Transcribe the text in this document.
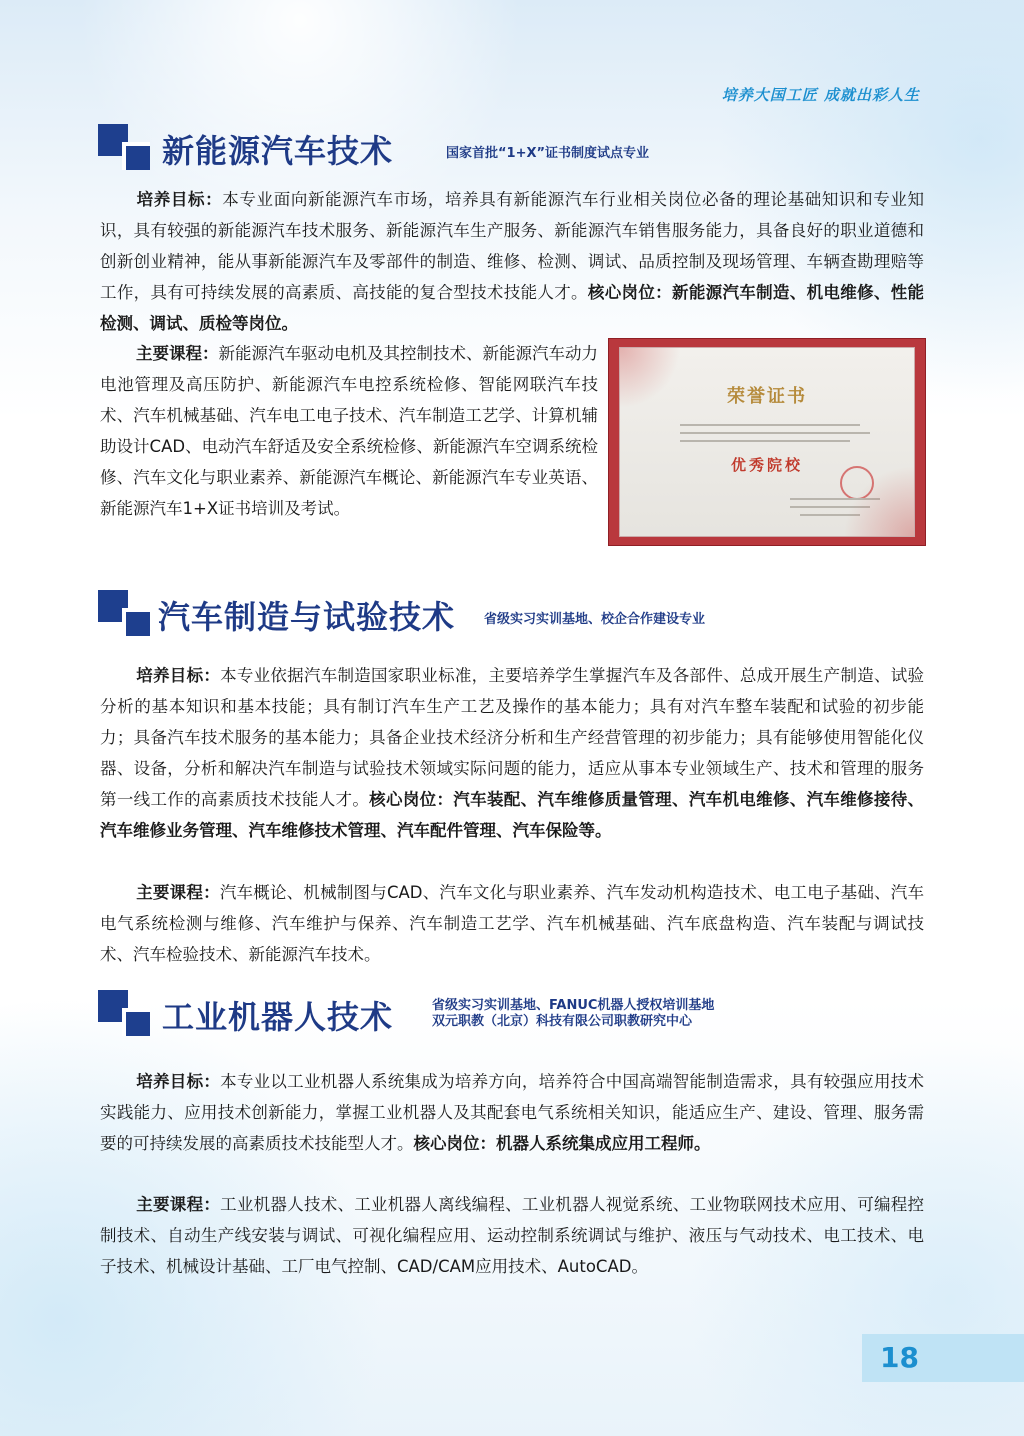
培养大国工匠 成就出彩人生
新能源汽车技术	国家首批“1+X”证书制度试点专业

培养目标：本专业面向新能源汽车市场，培养具有新能源汽车行业相关岗位必备的理论基础知识和专业知识，具有较强的新能源汽车技术服务、新能源汽车生产服务、新能源汽车销售服务能力，具备良好的职业道德和创新创业精神，能从事新能源汽车及零部件的制造、维修、检测、调试、品质控制及现场管理、车辆查勘理赔等工作，具有可持续发展的高素质、高技能的复合型技术技能人才。核心岗位：新能源汽车制造、机电维修、性能检测、调试、质检等岗位。

主要课程：新能源汽车驱动电机及其控制技术、新能源汽车动力电池管理及高压防护、新能源汽车电控系统检修、智能网联汽车技术、汽车机械基础、汽车电工电子技术、汽车制造工艺学、计算机辅助设计CAD、电动汽车舒适及安全系统检修、新能源汽车空调系统检修、汽车文化与职业素养、新能源汽车概论、新能源汽车专业英语、新能源汽车1+X证书培训及考试。

荣誉证书
优秀院校
汽车制造与试验技术 省级实习实训基地、校企合作建设专业

培养目标：本专业依据汽车制造国家职业标准，主要培养学生掌握汽车及各部件、总成开展生产制造、试验分析的基本知识和基本技能；具有制订汽车生产工艺及操作的基本能力；具有对汽车整车装配和试验的初步能力；具备汽车技术服务的基本能力；具备企业技术经济分析和生产经营管理的初步能力；具有能够使用智能化仪器、设备，分析和解决汽车制造与试验技术领域实际问题的能力，适应从事本专业领域生产、技术和管理的服务第一线工作的高素质技术技能人才。核心岗位：汽车装配、汽车维修质量管理、汽车机电维修、汽车维修接待、汽车维修业务管理、汽车维修技术管理、汽车配件管理、汽车保险等。

主要课程：汽车概论、机械制图与CAD、汽车文化与职业素养、汽车发动机构造技术、电工电子基础、汽车电气系统检测与维修、汽车维护与保养、汽车制造工艺学、汽车机械基础、汽车底盘构造、汽车装配与调试技术、汽车检验技术、新能源汽车技术。

工业机器人技术	省级实习实训基地、FANUC机器人授权培训基地
双元职教（北京）科技有限公司职教研究中心

培养目标：本专业以工业机器人系统集成为培养方向，培养符合中国高端智能制造需求，具有较强应用技术实践能力、应用技术创新能力，掌握工业机器人及其配套电气系统相关知识，能适应生产、建设、管理、服务需要的可持续发展的高素质技术技能型人才。核心岗位：机器人系统集成应用工程师。

主要课程：工业机器人技术、工业机器人离线编程、工业机器人视觉系统、工业物联网技术应用、可编程控制技术、自动生产线安装与调试、可视化编程应用、运动控制系统调试与维护、液压与气动技术、电工技术、电子技术、机械设计基础、工厂电气控制、CAD/CAM应用技术、AutoCAD。

18
